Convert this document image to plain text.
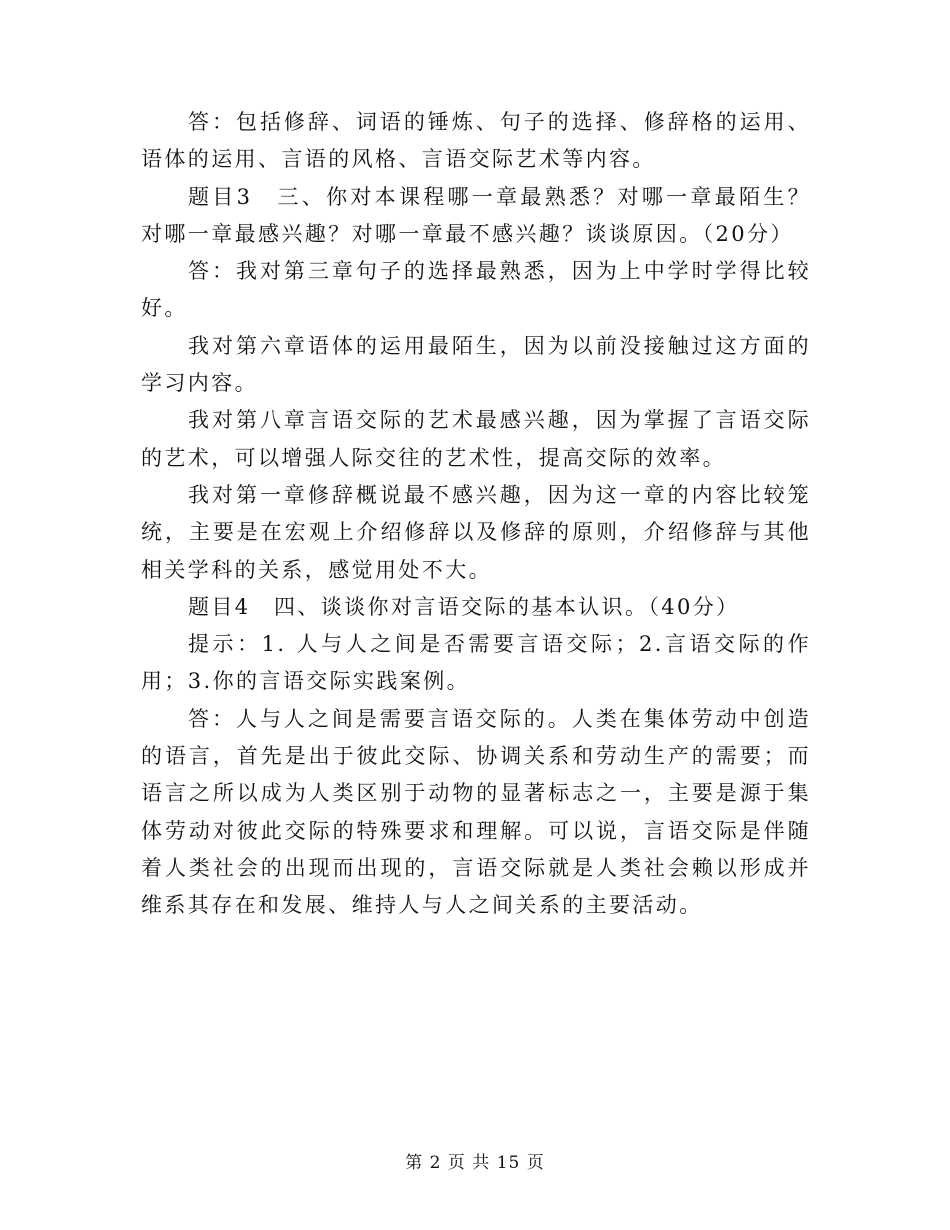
答：包括修辞、词语的锤炼、句子的选择、修辞格的运用、语体的运用、言语的风格、言语交际艺术等内容。

题目3　三、你对本课程哪一章最熟悉？对哪一章最陌生？对哪一章最感兴趣？对哪一章最不感兴趣？谈谈原因。（20分）

答：我对第三章句子的选择最熟悉，因为上中学时学得比较好。

我对第六章语体的运用最陌生，因为以前没接触过这方面的学习内容。

我对第八章言语交际的艺术最感兴趣，因为掌握了言语交际的艺术，可以增强人际交往的艺术性，提高交际的效率。

我对第一章修辞概说最不感兴趣，因为这一章的内容比较笼统，主要是在宏观上介绍修辞以及修辞的原则，介绍修辞与其他相关学科的关系，感觉用处不大。

题目4　四、谈谈你对言语交际的基本认识。（40分）

提示：1. 人与人之间是否需要言语交际；2.言语交际的作用；3.你的言语交际实践案例。

答：人与人之间是需要言语交际的。人类在集体劳动中创造的语言，首先是出于彼此交际、协调关系和劳动生产的需要；而语言之所以成为人类区别于动物的显著标志之一，主要是源于集体劳动对彼此交际的特殊要求和理解。可以说，言语交际是伴随着人类社会的出现而出现的，言语交际就是人类社会赖以形成并维系其存在和发展、维持人与人之间关系的主要活动。

第 2 页 共 15 页
